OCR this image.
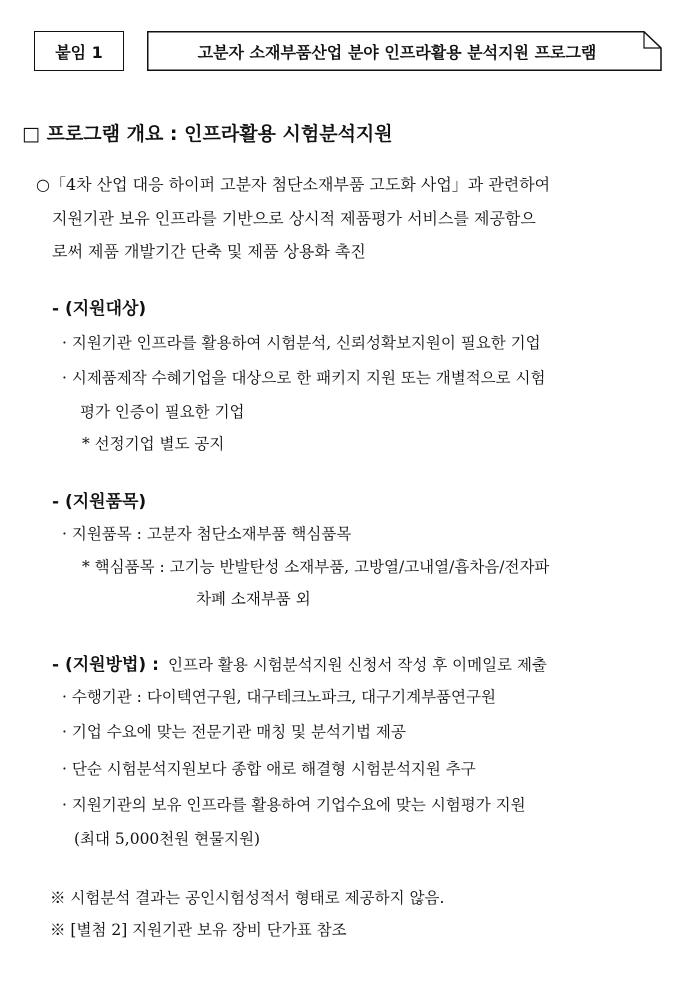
붙임 1	고분자 소재부품산업 분야 인프라활용 분석지원 프로그램
□ 프로그램 개요 : 인프라활용 시험분석지원
○「4차 산업 대응 하이퍼 고분자 첨단소재부품 고도화 사업」과 관련하여
지원기관 보유 인프라를 기반으로 상시적 제품평가 서비스를 제공함으
로써 제품 개발기간 단축 및 제품 상용화 촉진
- (지원대상)
· 지원기관 인프라를 활용하여 시험분석, 신뢰성확보지원이 필요한 기업
· 시제품제작 수혜기업을 대상으로 한 패키지 지원 또는 개별적으로 시험
평가 인증이 필요한 기업
* 선정기업 별도 공지
- (지원품목)
· 지원품목 : 고분자 첨단소재부품 핵심품목
* 핵심품목 : 고기능 반발탄성 소재부품, 고방열/고내열/흡차음/전자파
차폐 소재부품 외
- (지원방법) : 인프라 활용 시험분석지원 신청서 작성 후 이메일로 제출
· 수행기관 : 다이텍연구원, 대구테크노파크, 대구기계부품연구원
· 기업 수요에 맞는 전문기관 매칭 및 분석기법 제공
· 단순 시험분석지원보다 종합 애로 해결형 시험분석지원 추구
· 지원기관의 보유 인프라를 활용하여 기업수요에 맞는 시험평가 지원
(최대 5,000천원 현물지원)
※ 시험분석 결과는 공인시험성적서 형태로 제공하지 않음.
※ [별첨 2] 지원기관 보유 장비 단가표 참조
